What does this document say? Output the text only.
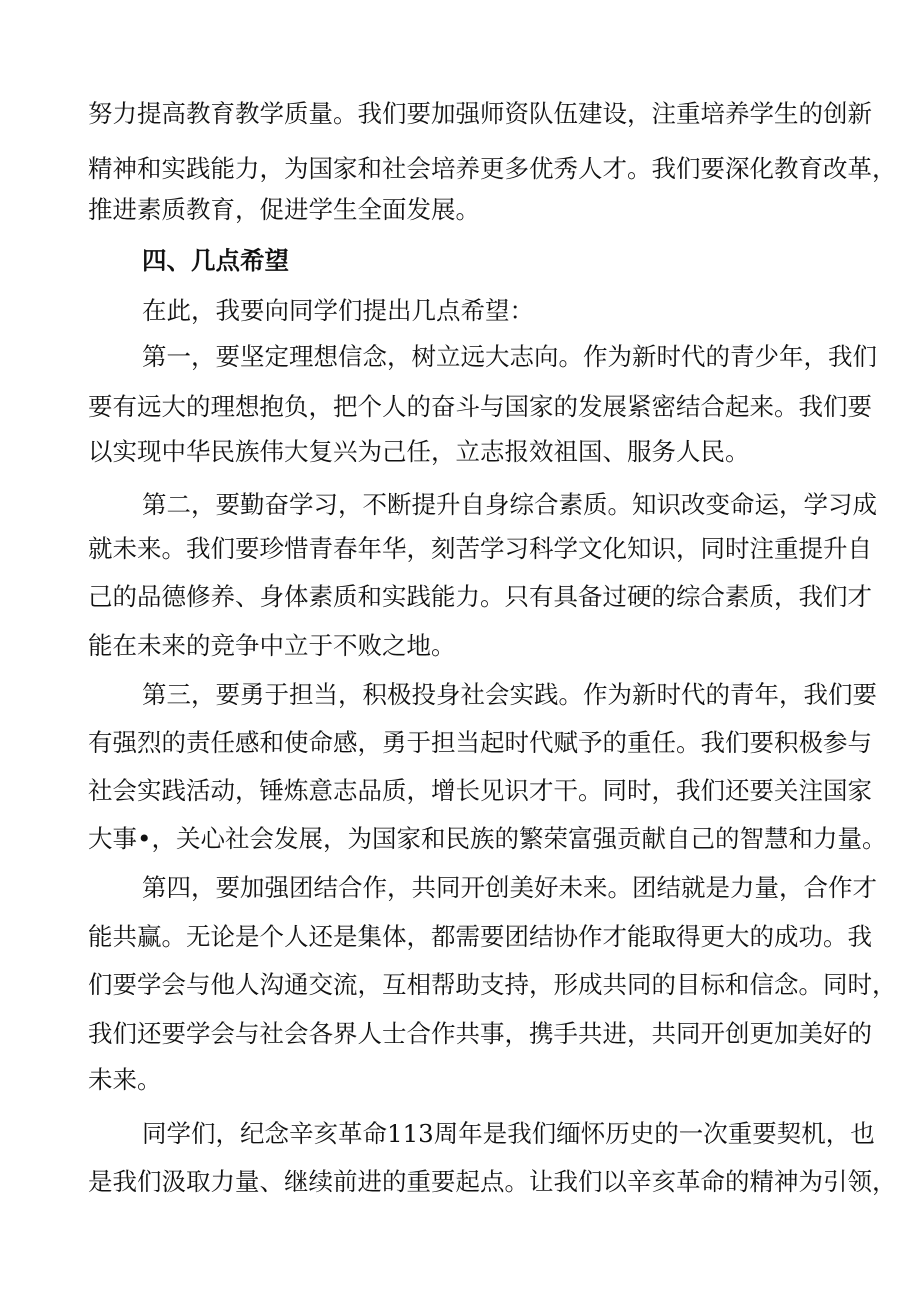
努力提高教育教学质量。我们要加强师资队伍建设，注重培养学生的创新
精神和实践能力，为国家和社会培养更多优秀人才。我们要深化教育改革，
推进素质教育，促进学生全面发展。
四、几点希望
在此，我要向同学们提出几点希望：
第一，要坚定理想信念，树立远大志向。作为新时代的青少年，我们
要有远大的理想抱负，把个人的奋斗与国家的发展紧密结合起来。我们要
以实现中华民族伟大复兴为己任，立志报效祖国、服务人民。
第二，要勤奋学习，不断提升自身综合素质。知识改变命运，学习成
就未来。我们要珍惜青春年华，刻苦学习科学文化知识，同时注重提升自
己的品德修养、身体素质和实践能力。只有具备过硬的综合素质，我们才
能在未来的竞争中立于不败之地。
第三，要勇于担当，积极投身社会实践。作为新时代的青年，我们要
有强烈的责任感和使命感，勇于担当起时代赋予的重任。我们要积极参与
社会实践活动，锤炼意志品质，增长见识才干。同时，我们还要关注国家
大事•，关心社会发展，为国家和民族的繁荣富强贡献自己的智慧和力量。
第四，要加强团结合作，共同开创美好未来。团结就是力量，合作才
能共赢。无论是个人还是集体，都需要团结协作才能取得更大的成功。我
们要学会与他人沟通交流，互相帮助支持，形成共同的目标和信念。同时，
我们还要学会与社会各界人士合作共事，携手共进，共同开创更加美好的
未来。
同学们，纪念辛亥革命113周年是我们缅怀历史的一次重要契机，也
是我们汲取力量、继续前进的重要起点。让我们以辛亥革命的精神为引领，
